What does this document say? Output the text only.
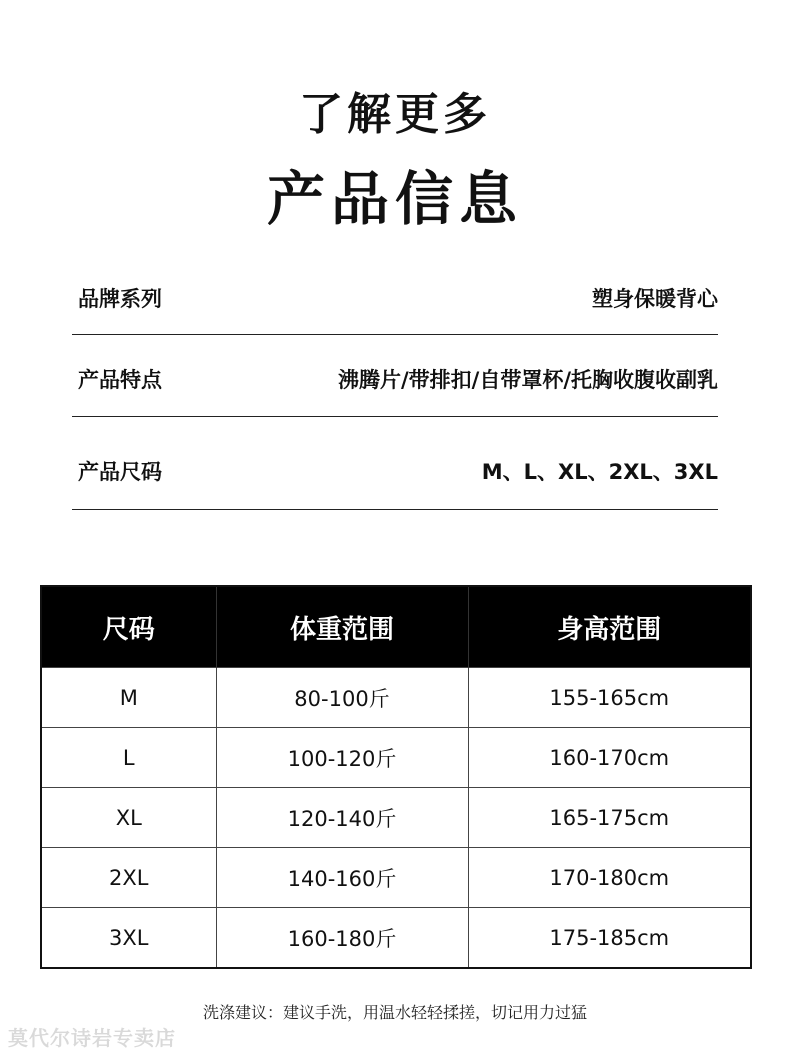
了解更多
产品信息
品牌系列	塑身保暖背心
产品特点	沸腾片/带排扣/自带罩杯/托胸收腹收副乳
产品尺码	M、L、XL、2XL、3XL
尺码	体重范围	身高范围
M	80-100斤	155-165cm
L	100-120斤	160-170cm
XL	120-140斤	165-175cm
2XL	140-160斤	170-180cm
3XL	160-180斤	175-185cm
洗涤建议：建议手洗，用温水轻轻揉搓，切记用力过猛
莫代尔诗岩专卖店
